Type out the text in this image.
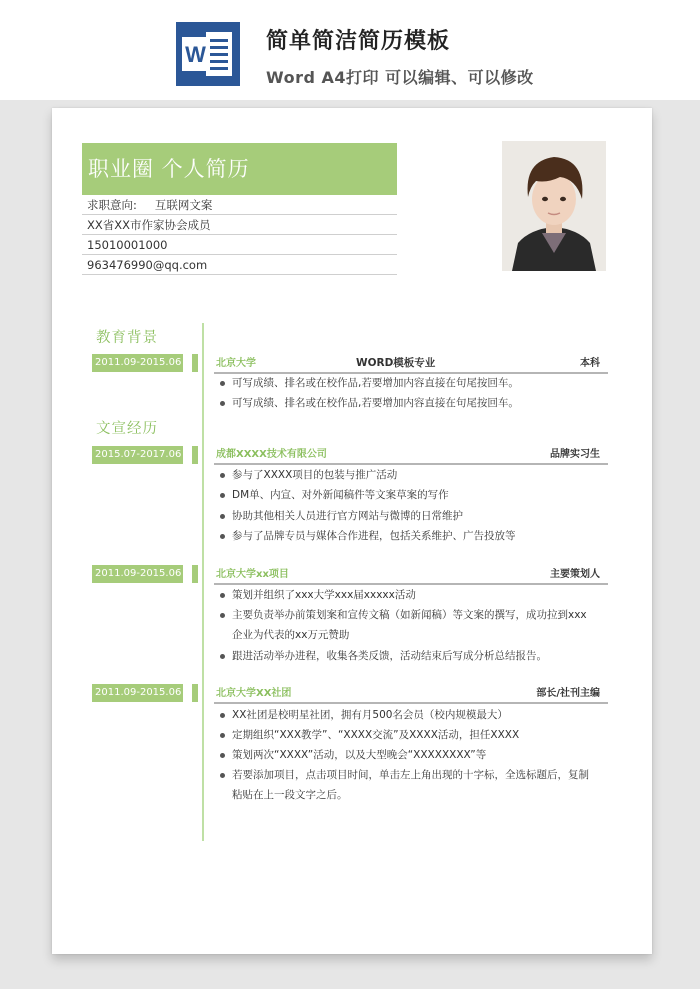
W
简单简洁简历模板
Word A4打印 可以编辑、可以修改
职业圈 个人简历
求职意向: 互联网文案
XX省XX市作家协会成员
15010001000
963476990@qq.com
教育背景
2011.09-2015.06	北京大学	WORD模板专业	本科
可写成绩、排名或在校作品,若要增加内容直接在句尾按回车。
可写成绩、排名或在校作品,若要增加内容直接在句尾按回车。
文宣经历
2015.07-2017.06	成都XXXX技术有限公司	品牌实习生
参与了XXXX项目的包装与推广活动
DM单、内宣、对外新闻稿件等文案草案的写作
协助其他相关人员进行官方网站与微博的日常维护
参与了品牌专员与媒体合作进程，包括关系维护、广告投放等
2011.09-2015.06	北京大学xx项目	主要策划人
策划并组织了xxx大学xxx届xxxxx活动
主要负责举办前策划案和宣传文稿（如新闻稿）等文案的撰写，成功拉到xxx
企业为代表的xx万元赞助
跟进活动举办进程，收集各类反馈，活动结束后写成分析总结报告。
2011.09-2015.06	北京大学XX社团	部长/社刊主编
XX社团是校明星社团，拥有月500名会员（校内规模最大）
定期组织“XXX教学”、“XXXX交流”及XXXX活动，担任XXXX
策划两次“XXXX”活动，以及大型晚会“XXXXXXXX”等
若要添加项目，点击项目时间，单击左上角出现的十字标，全选标题后，复制
粘贴在上一段文字之后。
